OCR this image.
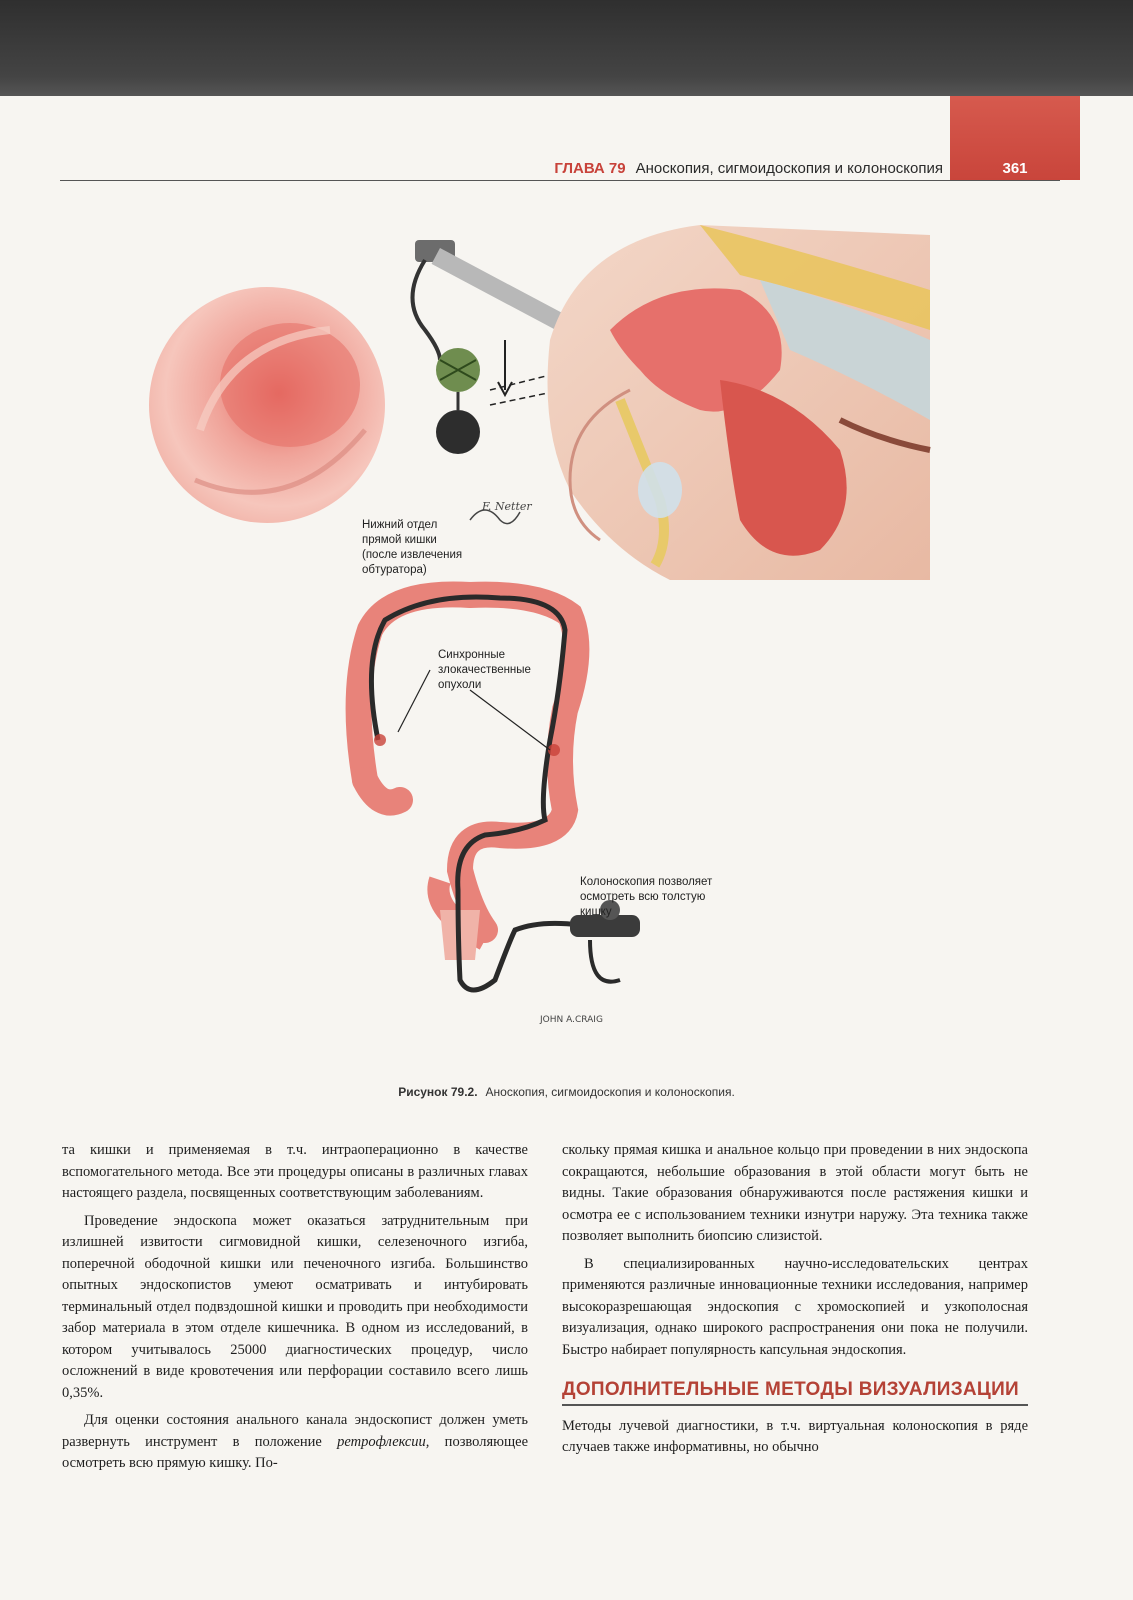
ГЛАВА 79 Аноскопия, сигмоидоскопия и колоноскопия	361
F. Netter
JOHN A.CRAIG
Нижний отдел
прямой кишки
(после извлечения
обтуратора)
Синхронные
злокачественные
опухоли
Колоноскопия позволяет
осмотреть всю толстую
кишку
Рисунок 79.2. Аноскопия, сигмоидоскопия и колоноскопия.

та кишки и применяемая в т.ч. интраоперационно в качестве вспомогательного метода. Все эти процедуры описаны в различных главах настоящего раздела, посвященных соответствующим заболеваниям.

Проведение эндоскопа может оказаться затруднительным при излишней извитости сигмовидной кишки, селезеночного изгиба, поперечной ободочной кишки или печеночного изгиба. Большинство опытных эндоскопистов умеют осматривать и интубировать терминальный отдел подвздошной кишки и проводить при необходимости забор материала в этом отделе кишечника. В одном из исследований, в котором учитывалось 25000 диагностических процедур, число осложнений в виде кровотечения или перфорации составило всего лишь 0,35%.

Для оценки состояния анального канала эндоскопист должен уметь развернуть инструмент в положение ретрофлексии, позволяющее осмотреть всю прямую кишку. По-

скольку прямая кишка и анальное кольцо при проведении в них эндоскопа сокращаются, небольшие образования в этой области могут быть не видны. Такие образования обнаруживаются после растяжения кишки и осмотра ее с использованием техники изнутри наружу. Эта техника также позволяет выполнить биопсию слизистой.

В специализированных научно-исследовательских центрах применяются различные инновационные техники исследования, например высокоразрешающая эндоскопия с хромоскопией и узкополосная визуализация, однако широкого распространения они пока не получили. Быстро набирает популярность капсульная эндоскопия.

ДОПОЛНИТЕЛЬНЫЕ МЕТОДЫ ВИЗУАЛИЗАЦИИ

Методы лучевой диагностики, в т.ч. виртуальная колоноскопия в ряде случаев также информативны, но обычно
